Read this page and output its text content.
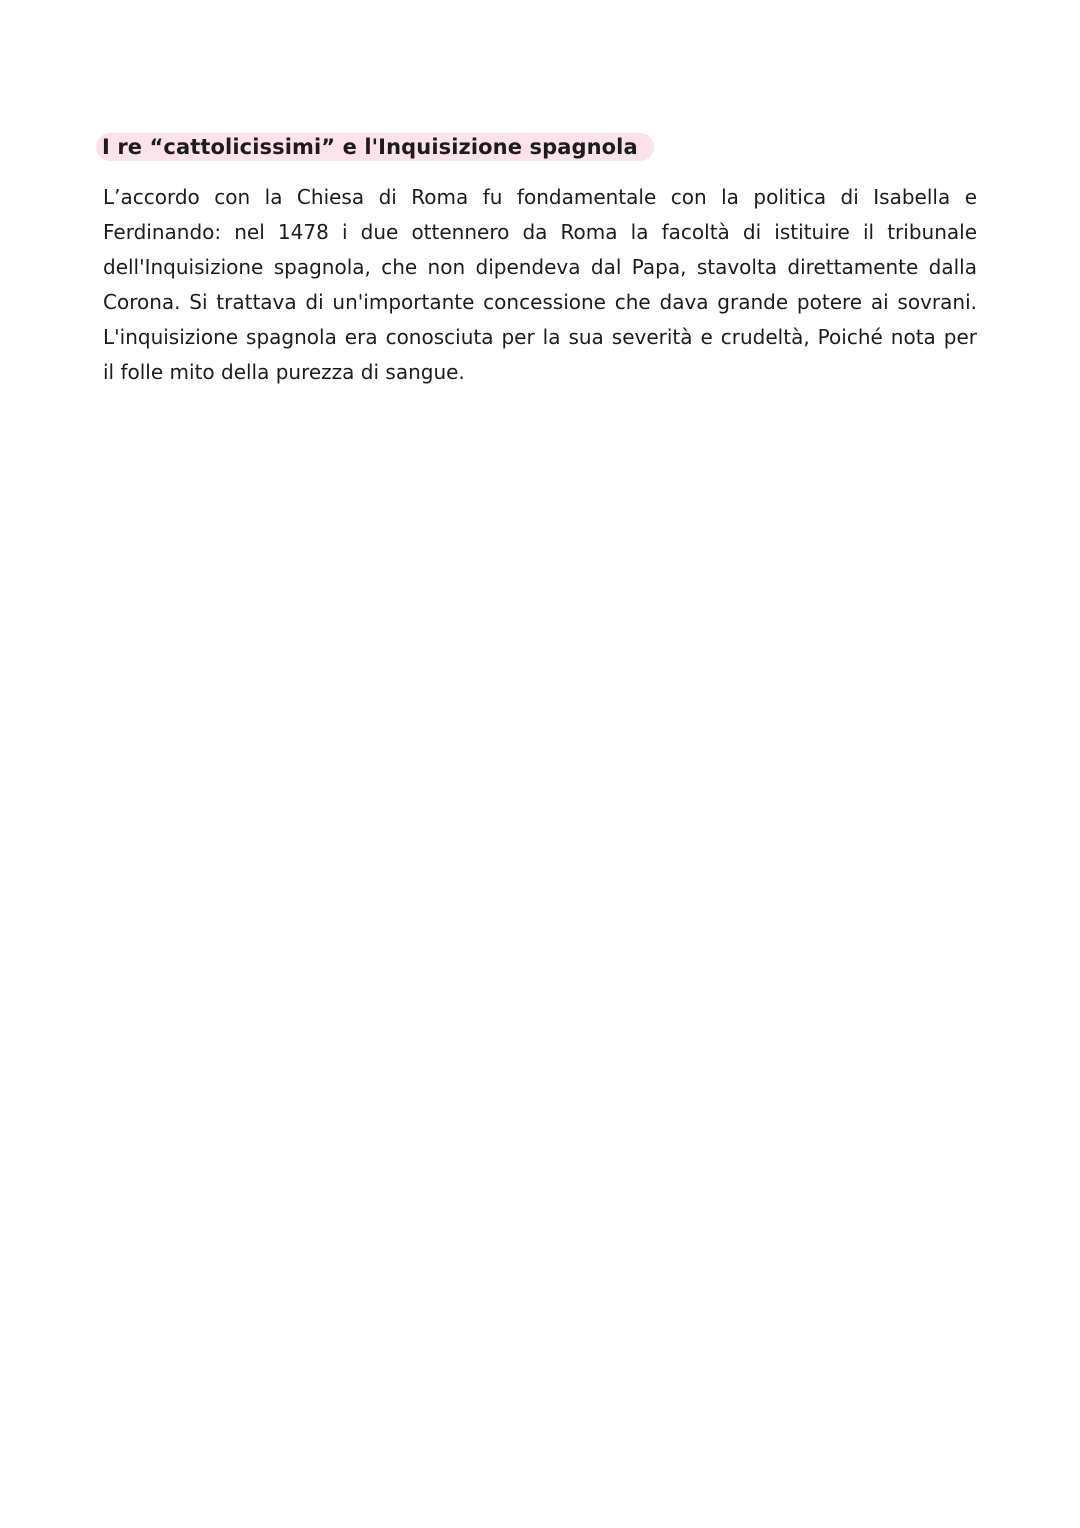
I re “cattolicissimi” e l'Inquisizione spagnola

L’accordo con la Chiesa di Roma fu fondamentale con la politica di Isabella e
Ferdinando: nel 1478 i due ottennero da Roma la facoltà di istituire il tribunale
dell'Inquisizione spagnola, che non dipendeva dal Papa, stavolta direttamente dalla
Corona. Si trattava di un'importante concessione che dava grande potere ai sovrani.
L'inquisizione spagnola era conosciuta per la sua severità e crudeltà, Poiché nota per
il folle mito della purezza di sangue.
